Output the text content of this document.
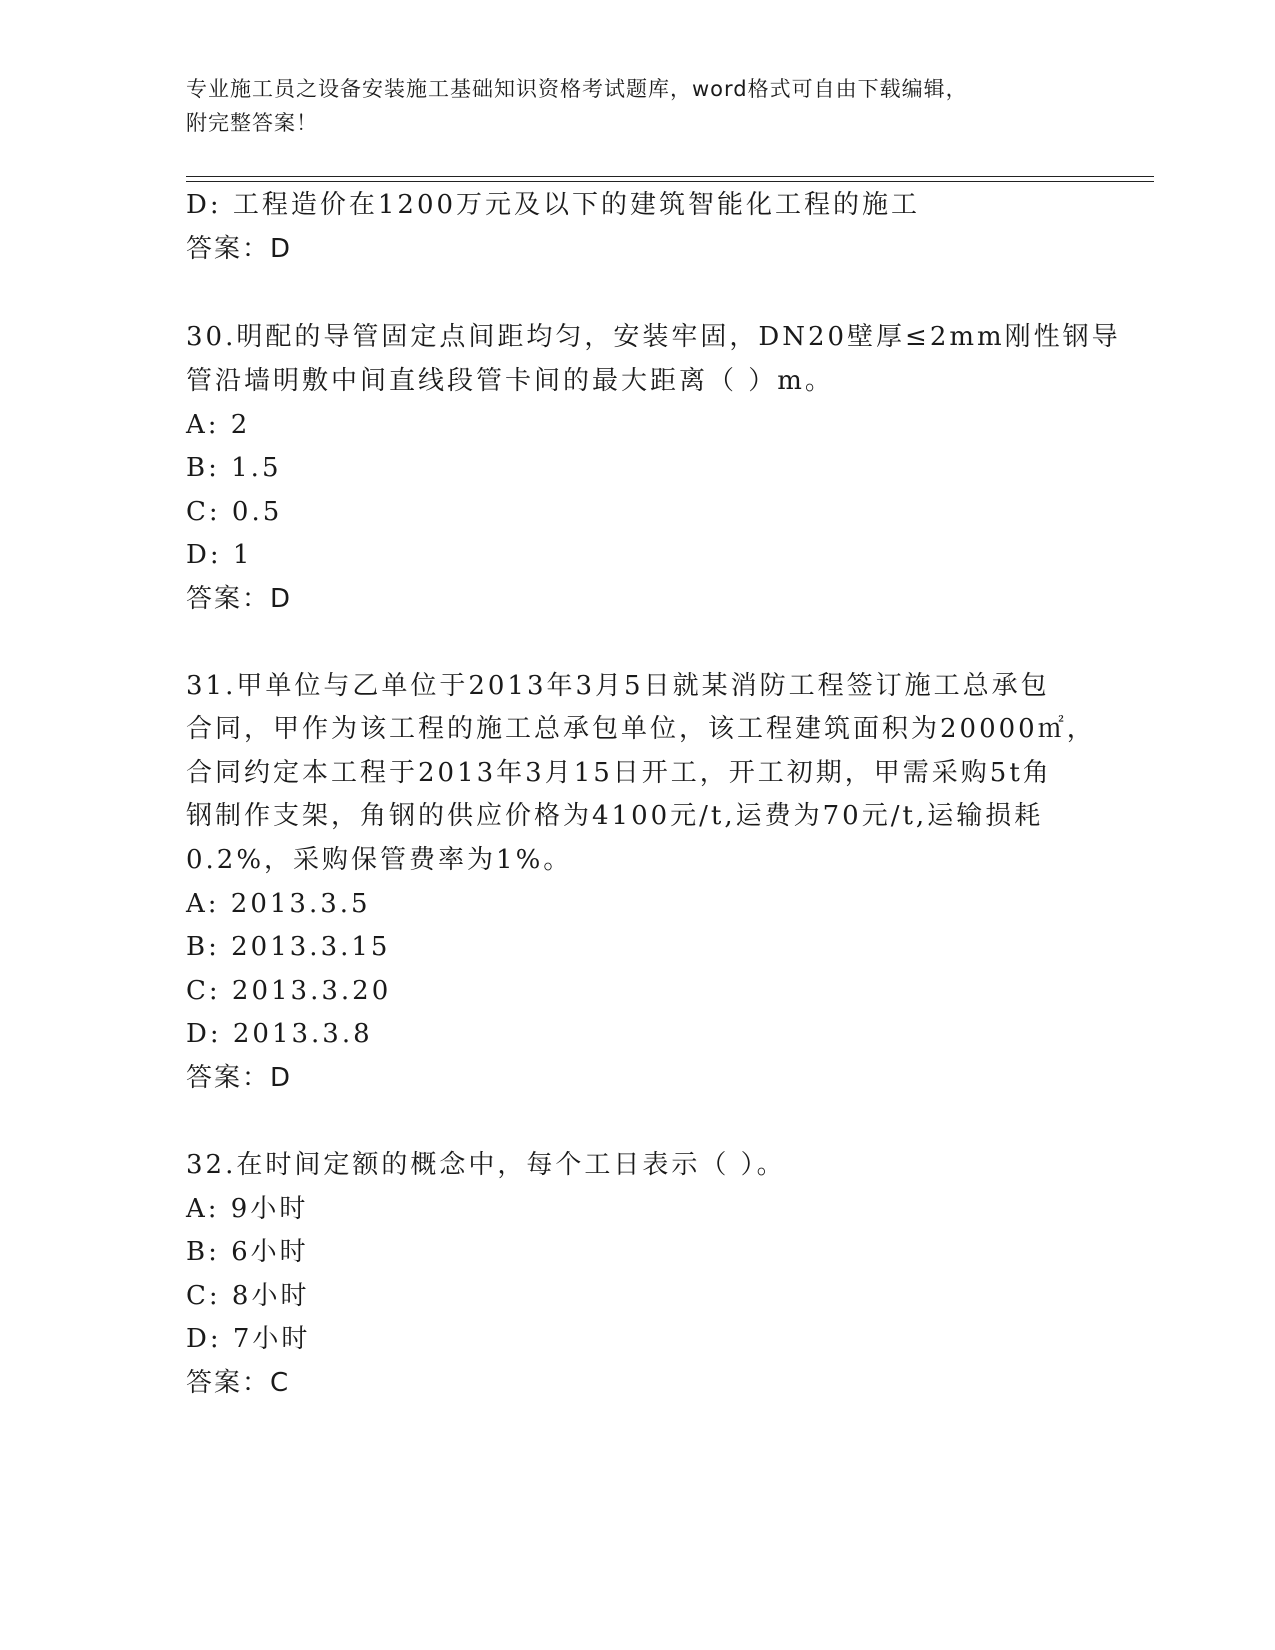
专业施工员之设备安装施工基础知识资格考试题库，word格式可自由下载编辑，
附完整答案！
D: 工程造价在1200万元及以下的建筑智能化工程的施工
答案：D
30.明配的导管固定点间距均匀，安装牢固，DN20壁厚≤2mm刚性钢导
管沿墙明敷中间直线段管卡间的最大距离（ ）m。
A: 2
B: 1.5
C: 0.5
D: 1
答案：D
31.甲单位与乙单位于2013年3月5日就某消防工程签订施工总承包
合同，甲作为该工程的施工总承包单位，该工程建筑面积为20000㎡，
合同约定本工程于2013年3月15日开工，开工初期，甲需采购5t角
钢制作支架，角钢的供应价格为4100元/t,运费为70元/t,运输损耗
0.2%，采购保管费率为1%。
A: 2013.3.5
B: 2013.3.15
C: 2013.3.20
D: 2013.3.8
答案：D
32.在时间定额的概念中，每个工日表示（ ）。
A: 9小时
B: 6小时
C: 8小时
D: 7小时
答案：C
